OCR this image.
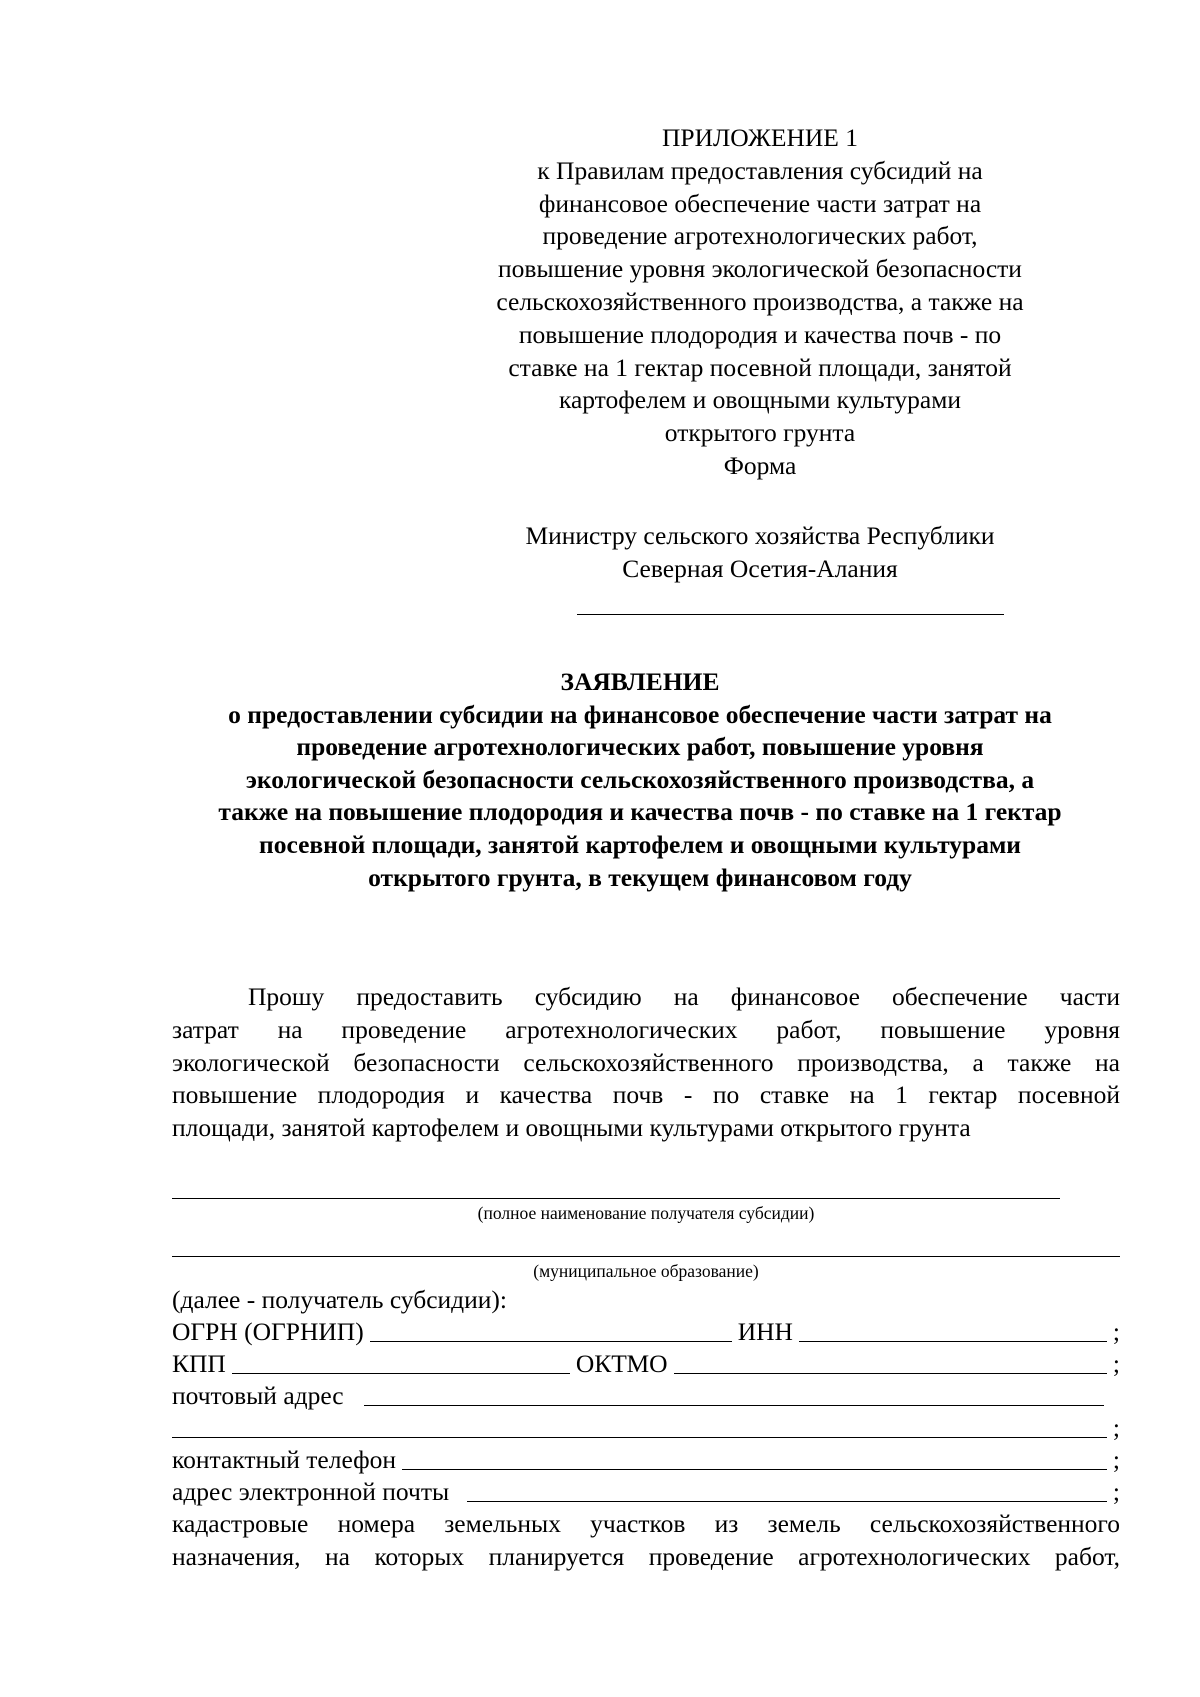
ПРИЛОЖЕНИЕ 1
к Правилам предоставления субсидий на
финансовое обеспечение части затрат на
проведение агротехнологических работ,
повышение уровня экологической безопасности
сельскохозяйственного производства, а также на
повышение плодородия и качества почв - по
ставке на 1 гектар посевной площади, занятой
картофелем и овощными культурами
открытого грунта
Форма
Министру сельского хозяйства Республики
Северная Осетия-Алания
ЗАЯВЛЕНИЕ
о предоставлении субсидии на финансовое обеспечение части затрат на
проведение агротехнологических работ, повышение уровня
экологической безопасности сельскохозяйственного производства, а
также на повышение плодородия и качества почв - по ставке на 1 гектар
посевной площади, занятой картофелем и овощными культурами
открытого грунта, в текущем финансовом году
Прошу предоставить субсидию на финансовое обеспечение части
затрат на проведение агротехнологических работ, повышение уровня
экологической безопасности сельскохозяйственного производства, а также на
повышение плодородия и качества почв - по ставке на 1 гектар посевной
площади, занятой картофелем и овощными культурами открытого грунта
(полное наименование получателя субсидии)
(муниципальное образование)
(далее - получатель субсидии):
ОГРН (ОГРНИП)	ИНН	;
КПП	ОКТМО	;
почтовый адрес
;
контактный телефон	;
адрес электронной почты	;
кадастровые номера земельных участков из земель сельскохозяйственного
назначения, на которых планируется проведение агротехнологических работ,
